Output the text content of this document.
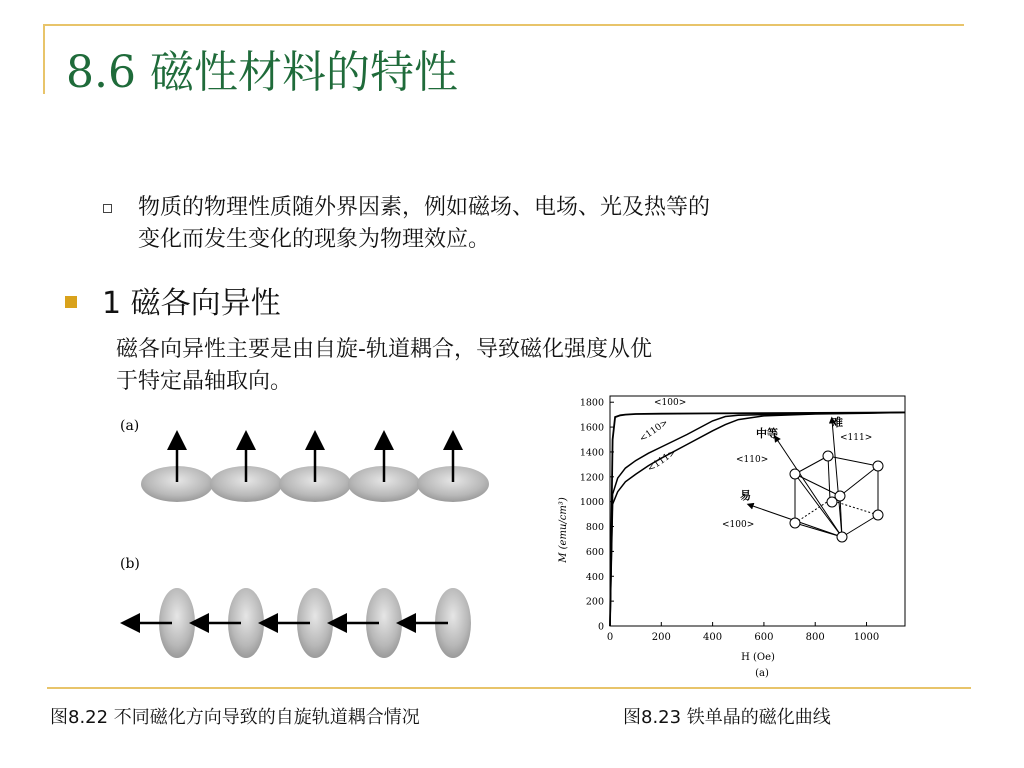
8.6 磁性材料的特性
物质的物理性质随外界因素，例如磁场、电场、光及热等的
变化而发生变化的现象为物理效应。
1 磁各向异性
磁各向异性主要是由自旋-轨道耦合，导致磁化强度从优
于特定晶轴取向。
(a)
(b)
0	200	400	600	800	1000
0
200
400
600
800
1000
1200
1400
1600
1800	<100>
<110>
<111>
M (emu/cm³)
H (Oe)
(a)
中等
难
<111>
<110>
易
<100>
图8.22 不同磁化方向导致的自旋轨道耦合情况	图8.23 铁单晶的磁化曲线
